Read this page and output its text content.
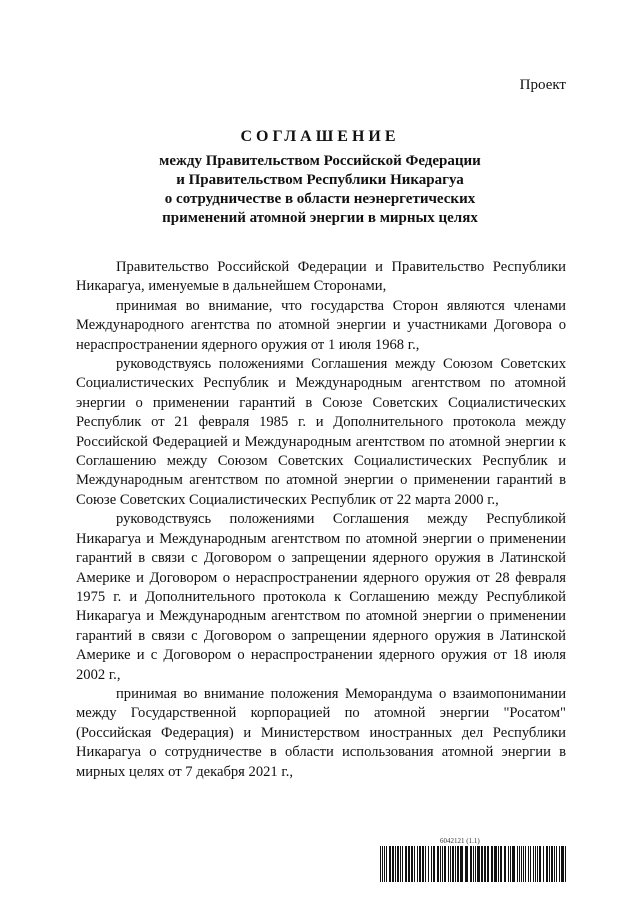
Проект
СОГЛАШЕНИЕ
между Правительством Российской Федерации
и Правительством Республики Никарагуа
о сотрудничестве в области неэнергетических
применений атомной энергии в мирных целях

Правительство Российской Федерации и Правительство Республики Никарагуа, именуемые в дальнейшем Сторонами,

принимая во внимание, что государства Сторон являются членами Международного агентства по атомной энергии и участниками Договора о нераспространении ядерного оружия от 1 июля 1968 г.,

руководствуясь положениями Соглашения между Союзом Советских Социалистических Республик и Международным агентством по атомной энергии о применении гарантий в Союзе Советских Социалистических Республик от 21 февраля 1985 г. и Дополнительного протокола между Российской Федерацией и Международным агентством по атомной энергии к Соглашению между Союзом Советских Социалистических Республик и Международным агентством по атомной энергии о применении гарантий в Союзе Советских Социалистических Республик от 22 марта 2000 г.,

руководствуясь положениями Соглашения между Республикой Никарагуа и Международным агентством по атомной энергии о применении гарантий в связи с Договором о запрещении ядерного оружия в Латинской Америке и Договором о нераспространении ядерного оружия от 28 февраля 1975 г. и Дополнительного протокола к Соглашению между Республикой Никарагуа и Международным агентством по атомной энергии о применении гарантий в связи с Договором о запрещении ядерного оружия в Латинской Америке и с Договором о нераспространении ядерного оружия от 18 июля 2002 г.,

принимая во внимание положения Меморандума о взаимопонимании между Государственной корпорацией по атомной энергии "Росатом" (Российская Федерация) и Министерством иностранных дел Республики Никарагуа о сотрудничестве в области использования атомной энергии в мирных целях от 7 декабря 2021 г.,

6042121 (1.1)
